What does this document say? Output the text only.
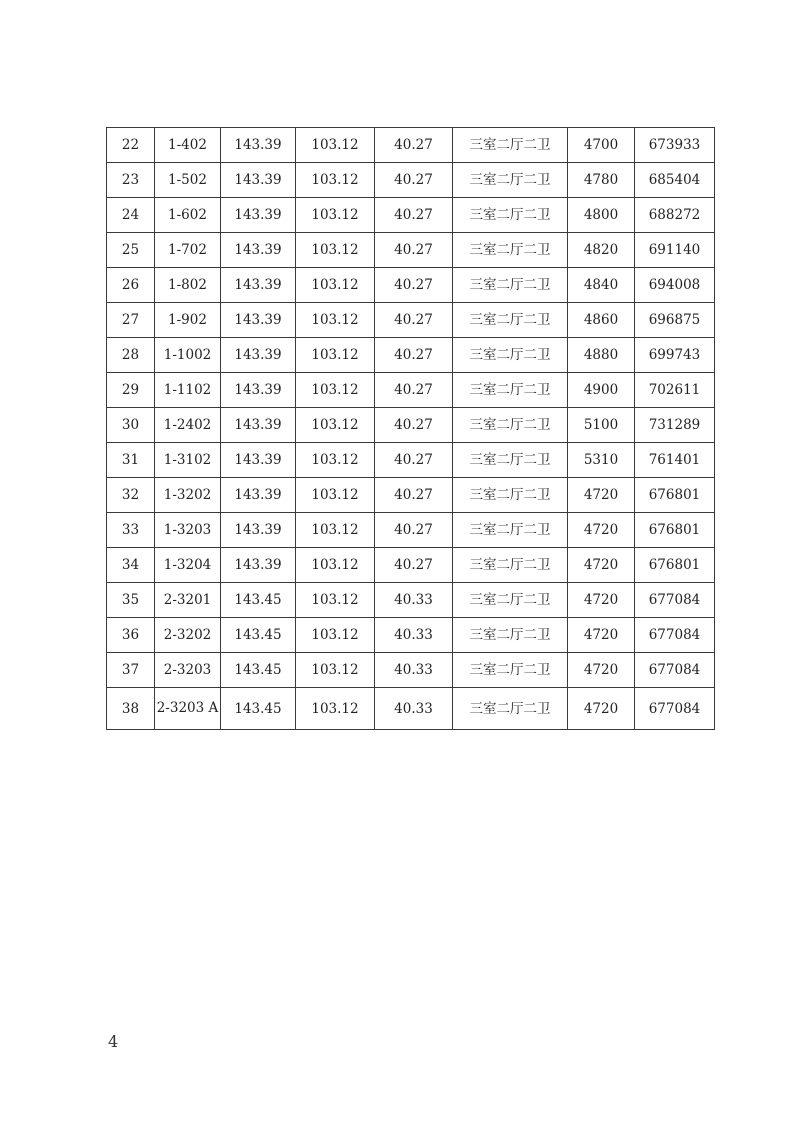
22	1-402	143.39	103.12	40.27	三室二厅二卫	4700	673933
23	1-502	143.39	103.12	40.27	三室二厅二卫	4780	685404
24	1-602	143.39	103.12	40.27	三室二厅二卫	4800	688272
25	1-702	143.39	103.12	40.27	三室二厅二卫	4820	691140
26	1-802	143.39	103.12	40.27	三室二厅二卫	4840	694008
27	1-902	143.39	103.12	40.27	三室二厅二卫	4860	696875
28	1-1002	143.39	103.12	40.27	三室二厅二卫	4880	699743
29	1-1102	143.39	103.12	40.27	三室二厅二卫	4900	702611
30	1-2402	143.39	103.12	40.27	三室二厅二卫	5100	731289
31	1-3102	143.39	103.12	40.27	三室二厅二卫	5310	761401
32	1-3202	143.39	103.12	40.27	三室二厅二卫	4720	676801
33	1-3203	143.39	103.12	40.27	三室二厅二卫	4720	676801
34	1-3204	143.39	103.12	40.27	三室二厅二卫	4720	676801
35	2-3201	143.45	103.12	40.33	三室二厅二卫	4720	677084
36	2-3202	143.45	103.12	40.33	三室二厅二卫	4720	677084
37	2-3203	143.45	103.12	40.33	三室二厅二卫	4720	677084
38	2-3203 A	143.45	103.12	40.33	三室二厅二卫	4720	677084
4
